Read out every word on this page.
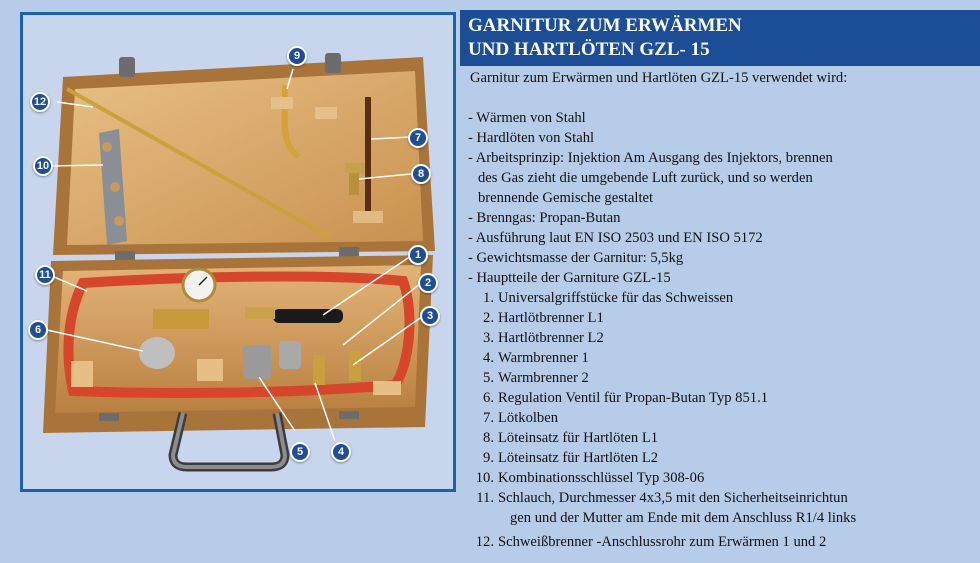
1
2
3
4
5
6
7
8
9
10
11
12
GARNITUR ZUM ERWÄRMEN
UND HARTLÖTEN GZL- 15
Garnitur zum Erwärmen und Hartlöten GZL-15 verwendet wird:
- Wärmen von Stahl
- Hardlöten von Stahl
- Arbeitsprinzip: Injektion Am Ausgang des Injektors, brennen
des Gas zieht die umgebende Luft zurück, und so werden
brennende Gemische gestaltet
- Brenngas: Propan-Butan
- Ausführung laut EN ISO 2503 und EN ISO 5172
- Gewichtsmasse der Garnitur: 5,5kg
- Hauptteile der Garniture GZL-15
1. Universalgriffstücke für das Schweissen
2. Hartlötbrenner L1
3. Hartlötbrenner L2
4. Warmbrenner 1
5. Warmbrenner 2
6. Regulation Ventil für Propan-Butan Typ 851.1
7. Lötkolben
8. Löteinsatz für Hartlöten L1
9. Löteinsatz für Hartlöten L2
10. Kombinationsschlüssel Typ 308-06
11. Schlauch, Durchmesser 4x3,5 mit den Sicherheitseinrichtun
gen und der Mutter am Ende mit dem Anschluss R1/4 links
12. Schweißbrenner -Anschlussrohr zum Erwärmen 1 und 2
